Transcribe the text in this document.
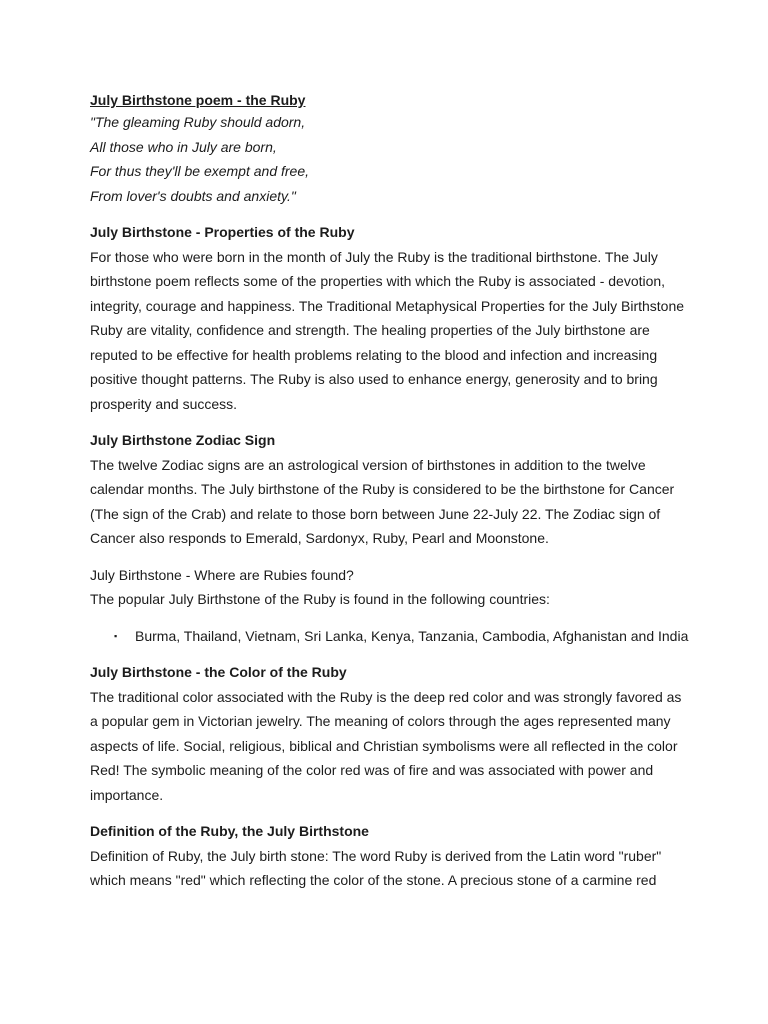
July Birthstone poem - the Ruby

"The gleaming Ruby should adorn,
All those who in July are born,
For thus they'll be exempt and free,
From lover's doubts and anxiety."

July Birthstone - Properties of the Ruby

For those who were born in the month of July the Ruby is the traditional birthstone. The July birthstone poem reflects some of the properties with which the Ruby is associated - devotion, integrity, courage and happiness. The Traditional Metaphysical Properties for the July Birthstone Ruby are vitality, confidence and strength. The healing properties of the July birthstone are reputed to be effective for health problems relating to the blood and infection and increasing positive thought patterns. The Ruby is also used to enhance energy, generosity and to bring prosperity and success.

July Birthstone Zodiac Sign

The twelve Zodiac signs are an astrological version of birthstones in addition to the twelve calendar months. The July birthstone of the Ruby is considered to be the birthstone for Cancer (The sign of the Crab) and relate to those born between June 22-July 22. The Zodiac sign of Cancer also responds to Emerald, Sardonyx, Ruby, Pearl and Moonstone.

July Birthstone - Where are Rubies found?

The popular July Birthstone of the Ruby is found in the following countries:

▪ Burma, Thailand, Vietnam, Sri Lanka, Kenya, Tanzania, Cambodia, Afghanistan and India

July Birthstone - the Color of the Ruby

The traditional color associated with the Ruby is the deep red color and was strongly favored as a popular gem in Victorian jewelry. The meaning of colors through the ages represented many aspects of life. Social, religious, biblical and Christian symbolisms were all reflected in the color Red! The symbolic meaning of the color red was of fire and was associated with power and importance.

Definition of the Ruby, the July Birthstone

Definition of Ruby, the July birth stone: The word Ruby is derived from the Latin word "ruber" which means "red" which reflecting the color of the stone. A precious stone of a carmine red
